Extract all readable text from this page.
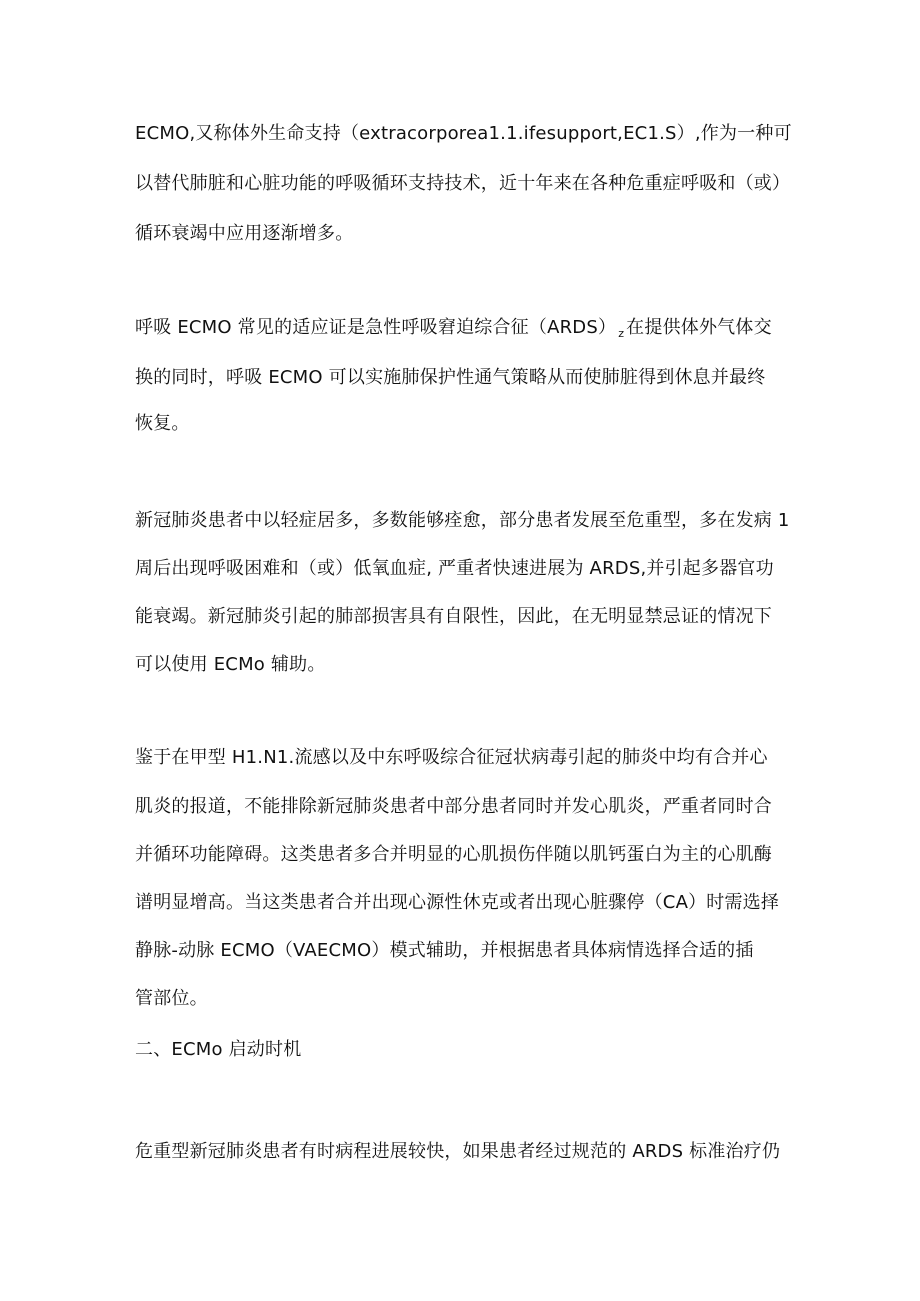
ECMO,又称体外生命支持（extracorporea1.1.ifesupport,EC1.S）,作为一种可
以替代肺脏和心脏功能的呼吸循环支持技术，近十年来在各种危重症呼吸和（或）
循环衰竭中应用逐渐增多。
呼吸 ECMO 常见的适应证是急性呼吸窘迫综合征（ARDS） $_z$ 在提供体外气体交
换的同时，呼吸 ECMO 可以实施肺保护性通气策略从而使肺脏得到休息并最终
恢复。
新冠肺炎患者中以轻症居多，多数能够痊愈，部分患者发展至危重型，多在发病 1
周后出现呼吸困难和（或）低氧血症, 严重者快速进展为 ARDS,并引起多器官功
能衰竭。新冠肺炎引起的肺部损害具有自限性，因此，在无明显禁忌证的情况下
可以使用 ECMo 辅助。
鉴于在甲型 H1.N1.流感以及中东呼吸综合征冠状病毒引起的肺炎中均有合并心
肌炎的报道，不能排除新冠肺炎患者中部分患者同时并发心肌炎，严重者同时合
并循环功能障碍。这类患者多合并明显的心肌损伤伴随以肌钙蛋白为主的心肌酶
谱明显增高。当这类患者合并出现心源性休克或者出现心脏骤停（CA）时需选择
静脉-动脉 ECMO（VAECMO）模式辅助，并根据患者具体病情选择合适的插
管部位。
二、ECMo 启动时机
危重型新冠肺炎患者有时病程进展较快，如果患者经过规范的 ARDS 标准治疗仍
